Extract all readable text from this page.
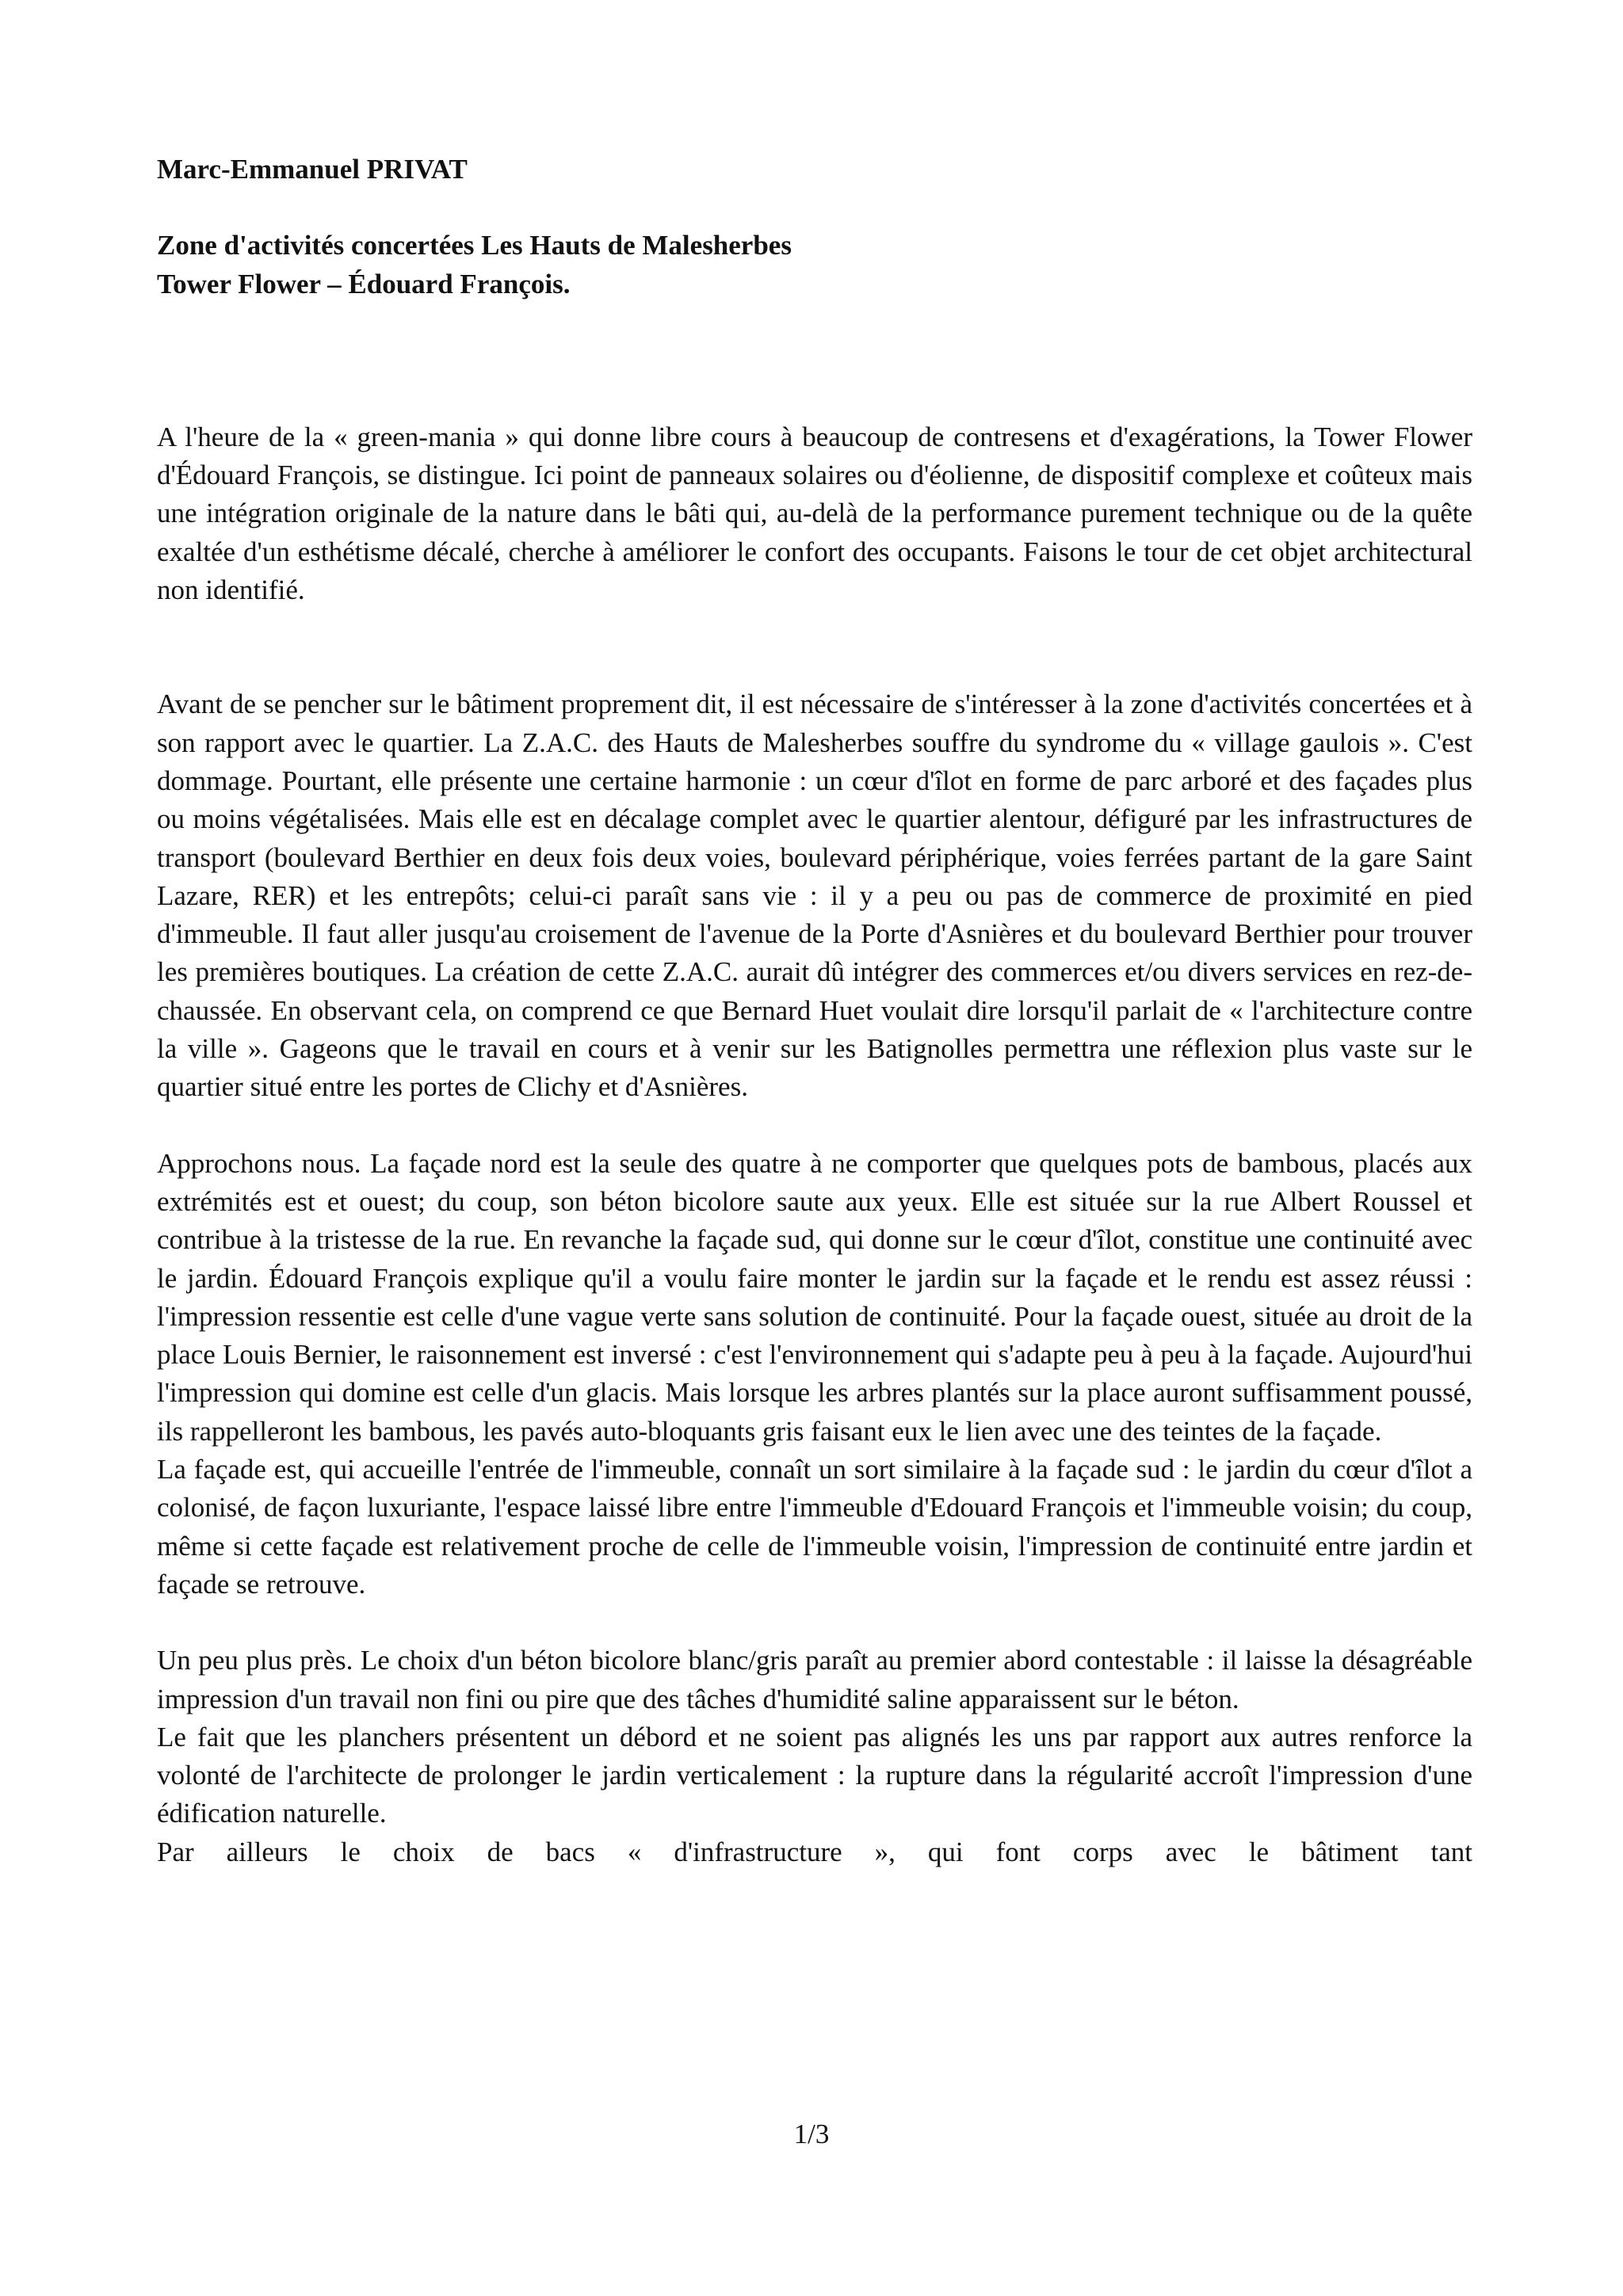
Marc-Emmanuel PRIVAT
Zone d'activités concertées Les Hauts de Malesherbes
Tower Flower – Édouard François.

A l'heure de la « green-mania » qui donne libre cours à beaucoup de contresens et d'exagérations, la Tower Flower d'Édouard François, se distingue. Ici point de panneaux solaires ou d'éolienne, de dispositif complexe et coûteux mais une intégration originale de la nature dans le bâti qui, au-delà de la performance purement technique ou de la quête exaltée d'un esthétisme décalé, cherche à améliorer le confort des occupants. Faisons le tour de cet objet architectural non identifié.

Avant de se pencher sur le bâtiment proprement dit, il est nécessaire de s'intéresser à la zone d'activités concertées et à son rapport avec le quartier. La Z.A.C. des Hauts de Malesherbes souffre du syndrome du « village gaulois ». C'est dommage. Pourtant, elle présente une certaine harmonie : un cœur d'îlot en forme de parc arboré et des façades plus ou moins végétalisées. Mais elle est en décalage complet avec le quartier alentour, défiguré par les infrastructures de transport (boulevard Berthier en deux fois deux voies, boulevard périphérique, voies ferrées partant de la gare Saint Lazare, RER) et les entrepôts; celui-ci paraît sans vie : il y a peu ou pas de commerce de proximité en pied d'immeuble. Il faut aller jusqu'au croisement de l'avenue de la Porte d'Asnières et du boulevard Berthier pour trouver les premières boutiques. La création de cette Z.A.C. aurait dû intégrer des commerces et/ou divers services en rez-de-chaussée. En observant cela, on comprend ce que Bernard Huet voulait dire lorsqu'il parlait de « l'architecture contre la ville ». Gageons que le travail en cours et à venir sur les Batignolles permettra une réflexion plus vaste sur le quartier situé entre les portes de Clichy et d'Asnières.

Approchons nous. La façade nord est la seule des quatre à ne comporter que quelques pots de bambous, placés aux extrémités est et ouest; du coup, son béton bicolore saute aux yeux. Elle est située sur la rue Albert Roussel et contribue à la tristesse de la rue. En revanche la façade sud, qui donne sur le cœur d'îlot, constitue une continuité avec le jardin. Édouard François explique qu'il a voulu faire monter le jardin sur la façade et le rendu est assez réussi : l'impression ressentie est celle d'une vague verte sans solution de continuité. Pour la façade ouest, située au droit de la place Louis Bernier, le raisonnement est inversé : c'est l'environnement qui s'adapte peu à peu à la façade. Aujourd'hui l'impression qui domine est celle d'un glacis. Mais lorsque les arbres plantés sur la place auront suffisamment poussé, ils rappelleront les bambous, les pavés auto-bloquants gris faisant eux le lien avec une des teintes de la façade.

La façade est, qui accueille l'entrée de l'immeuble, connaît un sort similaire à la façade sud : le jardin du cœur d'îlot a colonisé, de façon luxuriante, l'espace laissé libre entre l'immeuble d'Edouard François et l'immeuble voisin; du coup, même si cette façade est relativement proche de celle de l'immeuble voisin, l'impression de continuité entre jardin et façade se retrouve.

Un peu plus près. Le choix d'un béton bicolore blanc/gris paraît au premier abord contestable : il laisse la désagréable impression d'un travail non fini ou pire que des tâches d'humidité saline apparaissent sur le béton.

Le fait que les planchers présentent un débord et ne soient pas alignés les uns par rapport aux autres renforce la volonté de l'architecte de prolonger le jardin verticalement : la rupture dans la régularité accroît l'impression d'une édification naturelle.

Par ailleurs le choix de bacs « d'infrastructure », qui font corps avec le bâtiment tant

1/3
